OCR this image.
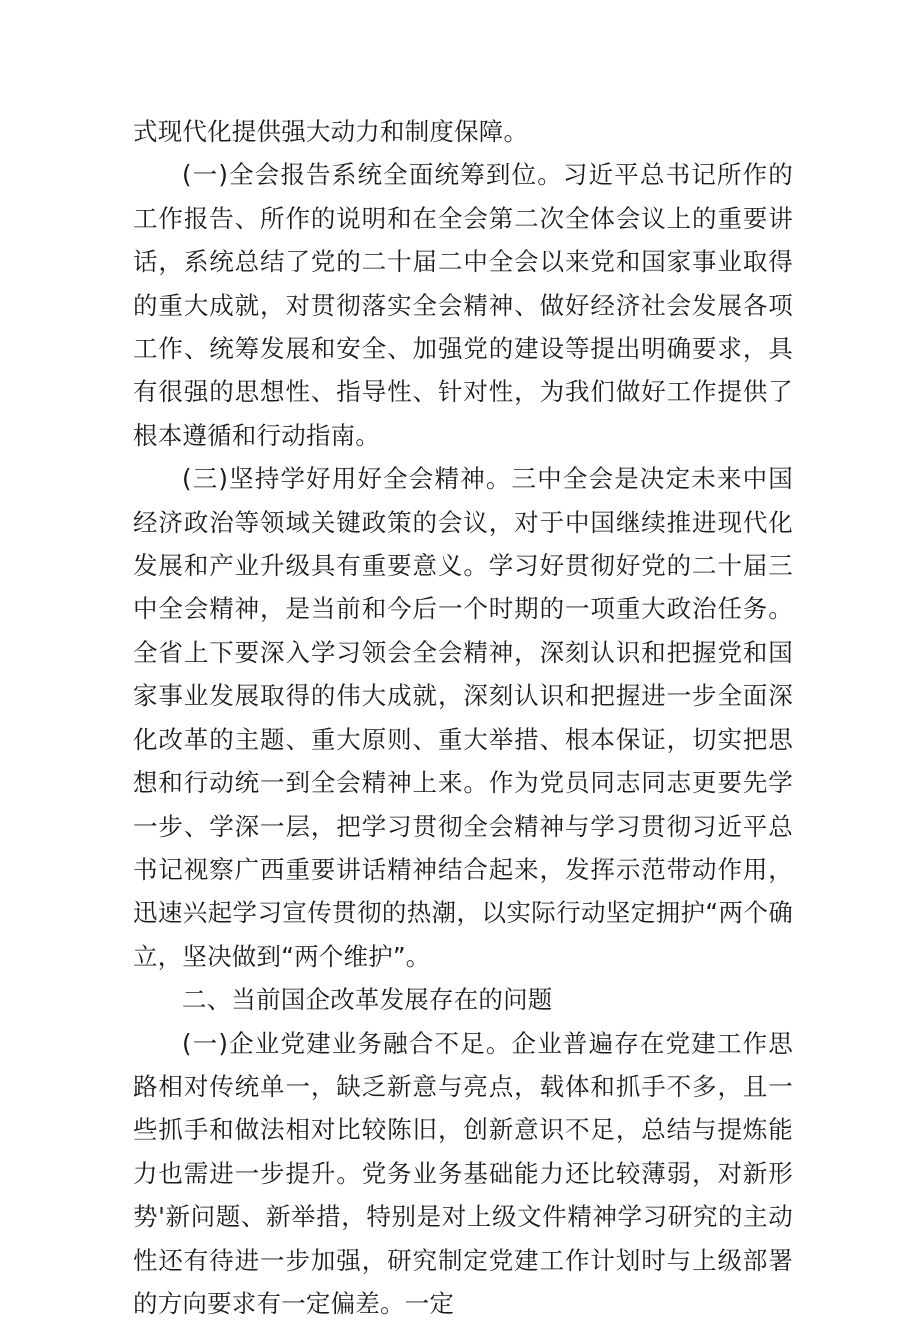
式现代化提供强大动力和制度保障。

(一)全会报告系统全面统筹到位。习近平总书记所作的工作报告、所作的说明和在全会第二次全体会议上的重要讲话，系统总结了党的二十届二中全会以来党和国家事业取得的重大成就，对贯彻落实全会精神、做好经济社会发展各项工作、统筹发展和安全、加强党的建设等提出明确要求，具有很强的思想性、指导性、针对性，为我们做好工作提供了根本遵循和行动指南。

(三)坚持学好用好全会精神。三中全会是决定未来中国经济政治等领域关键政策的会议，对于中国继续推进现代化发展和产业升级具有重要意义。学习好贯彻好党的二十届三中全会精神，是当前和今后一个时期的一项重大政治任务。全省上下要深入学习领会全会精神，深刻认识和把握党和国家事业发展取得的伟大成就，深刻认识和把握进一步全面深化改革的主题、重大原则、重大举措、根本保证，切实把思想和行动统一到全会精神上来。作为党员同志同志更要先学一步、学深一层，把学习贯彻全会精神与学习贯彻习近平总书记视察广西重要讲话精神结合起来，发挥示范带动作用，迅速兴起学习宣传贯彻的热潮，以实际行动坚定拥护“两个确立，坚决做到“两个维护”。

二、当前国企改革发展存在的问题

(一)企业党建业务融合不足。企业普遍存在党建工作思路相对传统单一，缺乏新意与亮点，载体和抓手不多，且一些抓手和做法相对比较陈旧，创新意识不足，总结与提炼能力也需进一步提升。党务业务基础能力还比较薄弱，对新形势'新问题、新举措，特别是对上级文件精神学习研究的主动性还有待进一步加强，研究制定党建工作计划时与上级部署的方向要求有一定偏差。一定
